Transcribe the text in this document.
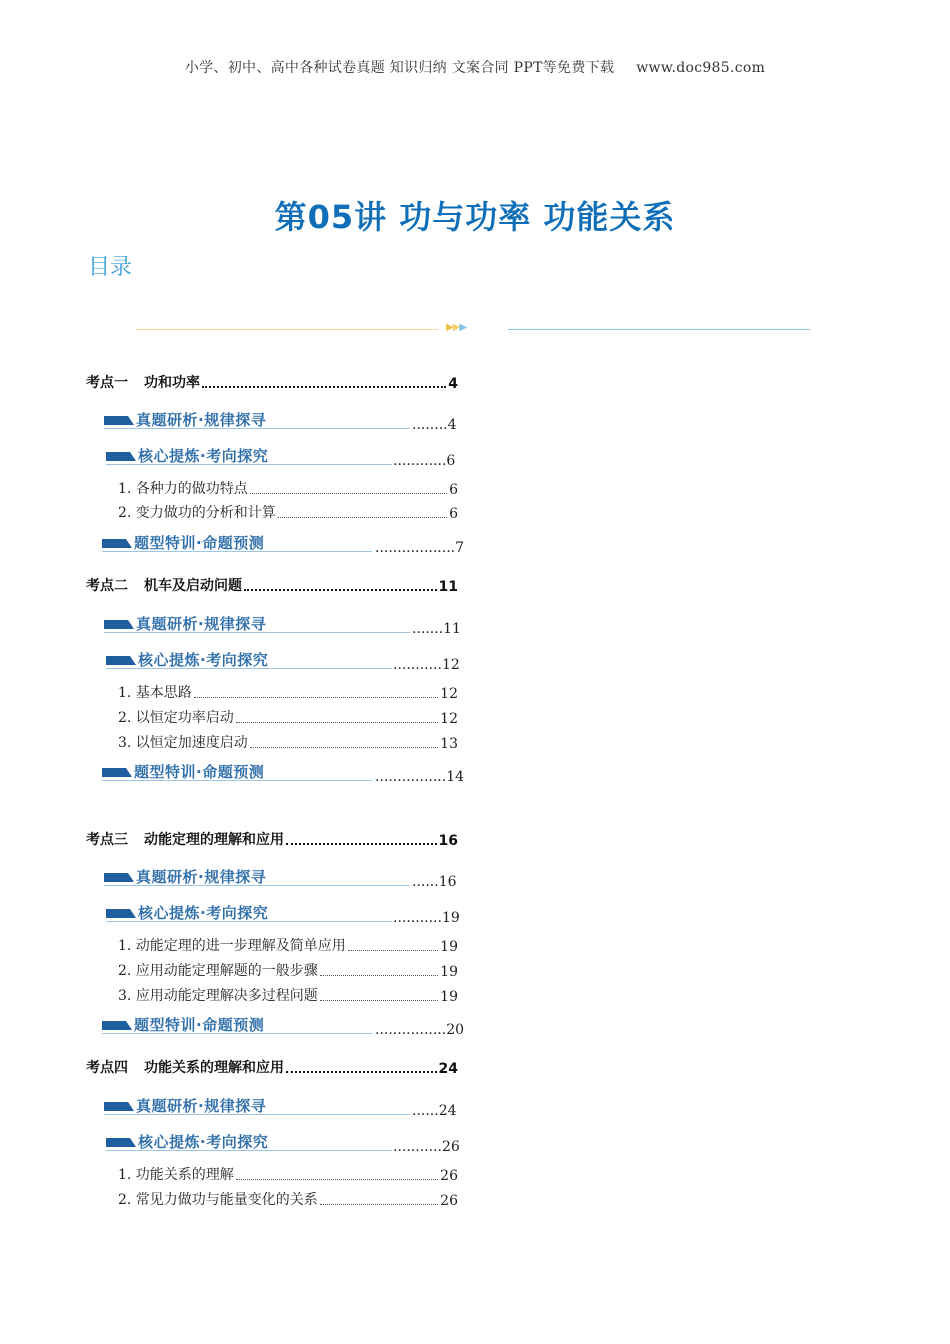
小学、初中、高中各种试卷真题 知识归纳 文案合同 PPT等免费下载 www.doc985.com
第05讲 功与功率 功能关系
目录
▶▶▶
考点一 功和功率	4
真题研析·规律探寻	........4
核心提炼·考向探究	............6
1. 各种力的做功特点	6
2. 变力做功的分析和计算	6
题型特训·命题预测	..................7
考点二 机车及启动问题	11
真题研析·规律探寻	.......11
核心提炼·考向探究	...........12
1. 基本思路	12
2. 以恒定功率启动	12
3. 以恒定加速度启动	13
题型特训·命题预测	................14
考点三 动能定理的理解和应用	16
真题研析·规律探寻	......16
核心提炼·考向探究	...........19
1. 动能定理的进一步理解及简单应用	19
2. 应用动能定理解题的一般步骤	19
3. 应用动能定理解决多过程问题	19
题型特训·命题预测	................20
考点四 功能关系的理解和应用	24
真题研析·规律探寻	......24
核心提炼·考向探究	...........26
1. 功能关系的理解	26
2. 常见力做功与能量变化的关系	26
